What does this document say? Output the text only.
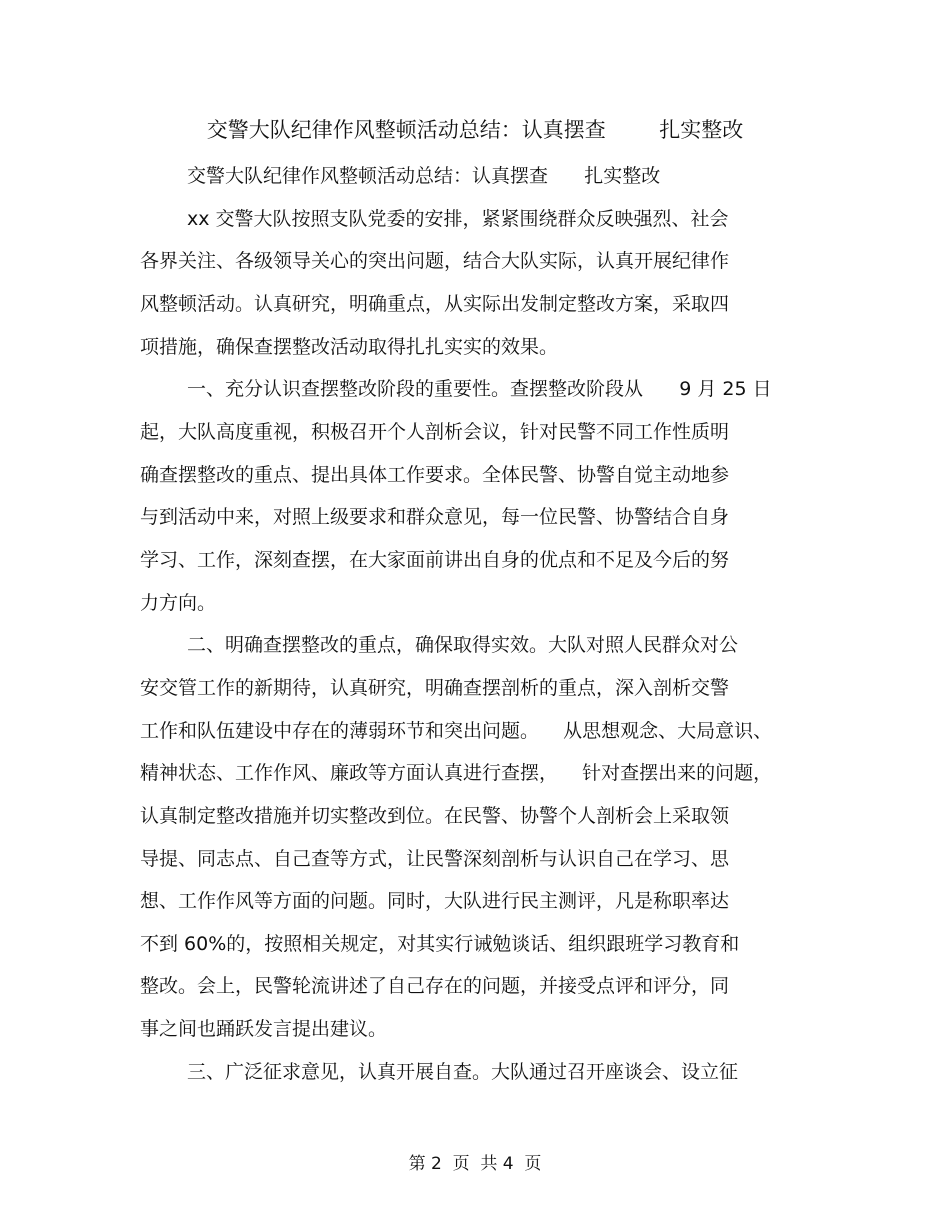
交警大队纪律作风整顿活动总结：认真摆查        扎实整改
交警大队纪律作风整顿活动总结：认真摆查      扎实整改
xx 交警大队按照支队党委的安排，紧紧围绕群众反映强烈、社会
各界关注、各级领导关心的突出问题，结合大队实际，认真开展纪律作
风整顿活动。认真研究，明确重点，从实际出发制定整改方案，采取四
项措施，确保查摆整改活动取得扎扎实实的效果。
一、充分认识查摆整改阶段的重要性。查摆整改阶段从      9 月 25 日
起，大队高度重视，积极召开个人剖析会议，针对民警不同工作性质明
确查摆整改的重点、提出具体工作要求。全体民警、协警自觉主动地参
与到活动中来，对照上级要求和群众意见，每一位民警、协警结合自身
学习、工作，深刻查摆，在大家面前讲出自身的优点和不足及今后的努
力方向。
二、明确查摆整改的重点，确保取得实效。大队对照人民群众对公
安交管工作的新期待，认真研究，明确查摆剖析的重点，深入剖析交警
工作和队伍建设中存在的薄弱环节和突出问题。    从思想观念、大局意识、
精神状态、工作作风、廉政等方面认真进行查摆，    针对查摆出来的问题，
认真制定整改措施并切实整改到位。在民警、协警个人剖析会上采取领
导提、同志点、自己查等方式，让民警深刻剖析与认识自己在学习、思
想、工作作风等方面的问题。同时，大队进行民主测评，凡是称职率达
不到 60%的，按照相关规定，对其实行诫勉谈话、组织跟班学习教育和
整改。会上，民警轮流讲述了自己存在的问题，并接受点评和评分，同
事之间也踊跃发言提出建议。
三、广泛征求意见，认真开展自查。大队通过召开座谈会、设立征
第 2  页  共 4  页
